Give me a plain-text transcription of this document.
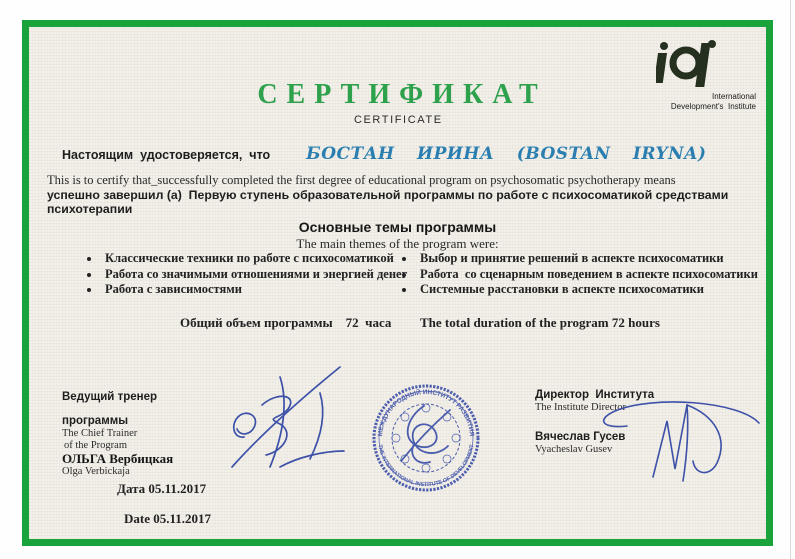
International
Development's  Institute
СЕРТИФИКАТ
CERTIFICATE
Настоящим  удостоверяется,  что БОСТАН ИРИНА (BOSTAN IRYNA)
This is to certify that_successfully completed the first degree of educational program on psychosomatic psychotherapy means
успешно завершил (а)  Первую ступень образовательной программы по работе с психосоматикой средствами психотерапии
Основные темы программы
The main themes of the program were:
• Классические техники по работе с психосоматикой
• Работа со значимыми отношениями и энергией денег
• Работа с зависимостями
• Выбор и принятие решений в аспекте психосоматики
• Работа  со сценарным поведением в аспекте психосоматики
• Системные расстановки в аспекте психосоматики
Общий объем программы    72  часа The total duration of the program 72 hours
Ведущий тренер
программы
The Chief Trainer
of the Program
ОЛЬГА Вербицкая
Olga Verbickaja
Директор  Института
The Institute Director
Вячеслав Гусев
Vyacheslav Gusev
Дата 05.11.2017
Date 05.11.2017
МЕЖДУНАРОДНЫЙ ИНСТИТУТ РАЗВИТИЯ
THE INTERNATIONAL INSTITUTE OF DEVELOPMENT
